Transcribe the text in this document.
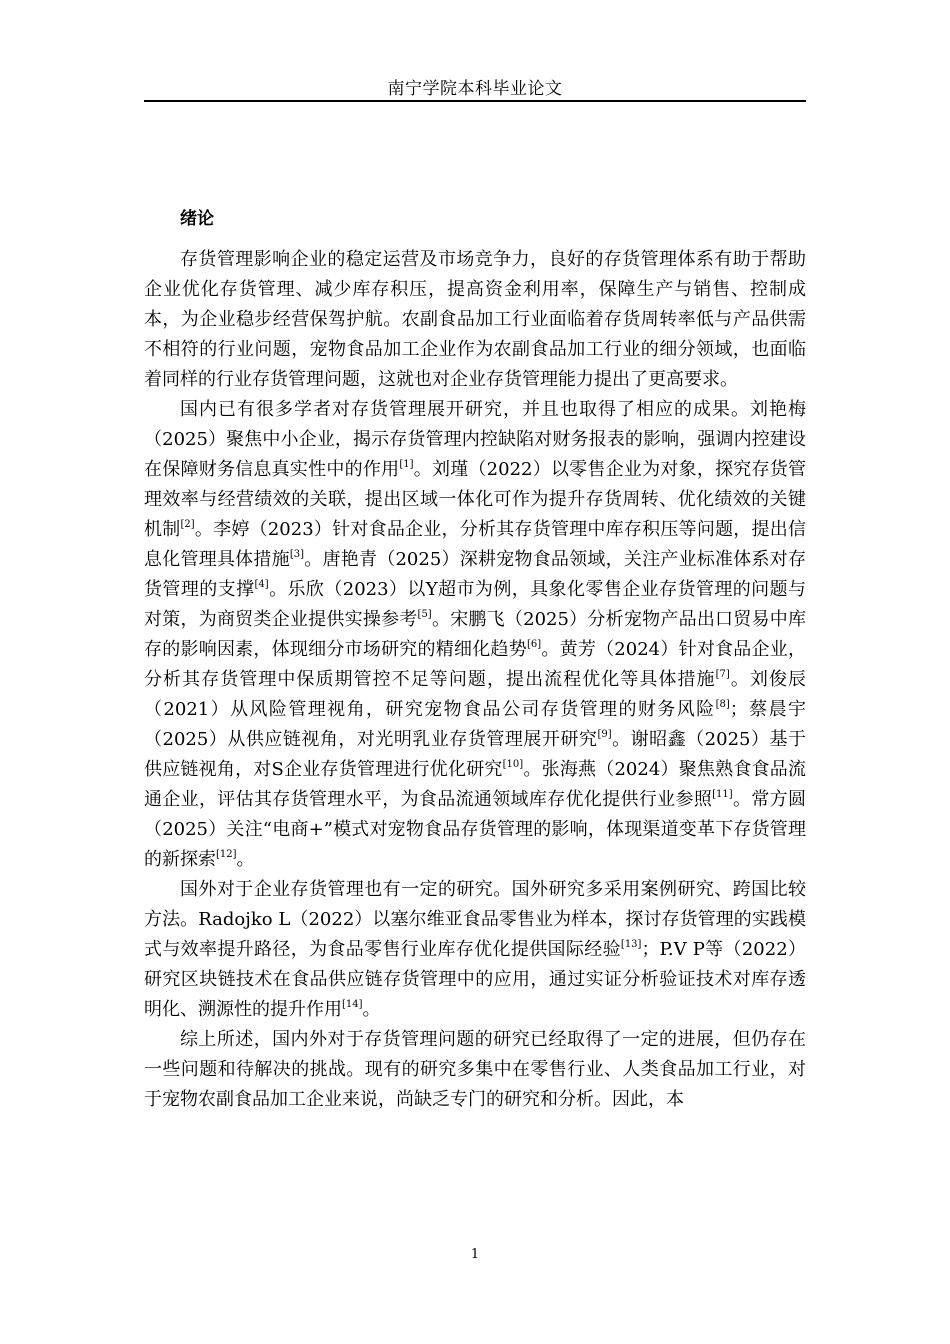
南宁学院本科毕业论文
绪论

存货管理影响企业的稳定运营及市场竞争力，良好的存货管理体系有助于帮助企业优化存货管理、减少库存积压，提高资金利用率，保障生产与销售、控制成本，为企业稳步经营保驾护航。农副食品加工行业面临着存货周转率低与产品供需不相符的行业问题，宠物食品加工企业作为农副食品加工行业的细分领域，也面临着同样的行业存货管理问题，这就也对企业存货管理能力提出了更高要求。

国内已有很多学者对存货管理展开研究，并且也取得了相应的成果。刘艳梅（2025）聚焦中小企业，揭示存货管理内控缺陷对财务报表的影响，强调内控建设在保障财务信息真实性中的作用[1]。刘瑾（2022）以零售企业为对象，探究存货管理效率与经营绩效的关联，提出区域一体化可作为提升存货周转、优化绩效的关键机制[2]。李婷（2023）针对食品企业，分析其存货管理中库存积压等问题，提出信息化管理具体措施[3]。唐艳青（2025）深耕宠物食品领域，关注产业标准体系对存货管理的支撑[4]。乐欣（2023）以Y超市为例，具象化零售企业存货管理的问题与对策，为商贸类企业提供实操参考[5]。宋鹏飞（2025）分析宠物产品出口贸易中库存的影响因素，体现细分市场研究的精细化趋势[6]。黄芳（2024）针对食品企业，分析其存货管理中保质期管控不足等问题，提出流程优化等具体措施[7]。刘俊辰（2021）从风险管理视角，研究宠物食品公司存货管理的财务风险[8]；蔡晨宇（2025）从供应链视角，对光明乳业存货管理展开研究[9]。谢昭鑫（2025）基于供应链视角，对S企业存货管理进行优化研究[10]。张海燕（2024）聚焦熟食食品流通企业，评估其存货管理水平，为食品流通领域库存优化提供行业参照[11]。常方圆（2025）关注“电商+”模式对宠物食品存货管理的影响，体现渠道变革下存货管理的新探索[12]。

国外对于企业存货管理也有一定的研究。国外研究多采用案例研究、跨国比较方法。Radojko L（2022）以塞尔维亚食品零售业为样本，探讨存货管理的实践模式与效率提升路径，为食品零售行业库存优化提供国际经验[13]；P.V P等（2022）研究区块链技术在食品供应链存货管理中的应用，通过实证分析验证技术对库存透明化、溯源性的提升作用[14]。

综上所述，国内外对于存货管理问题的研究已经取得了一定的进展，但仍存在一些问题和待解决的挑战。现有的研究多集中在零售行业、人类食品加工行业，对于宠物农副食品加工企业来说，尚缺乏专门的研究和分析。因此，本

1
